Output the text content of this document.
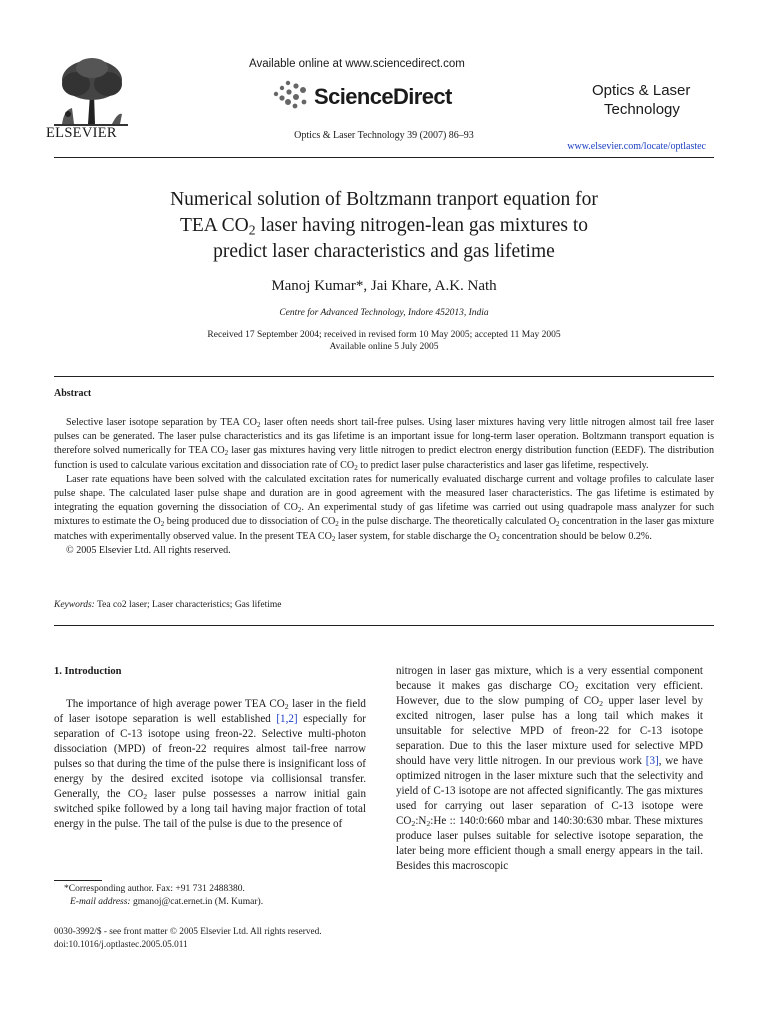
ELSEVIER
Available online at www.sciencedirect.com
ScienceDirect
Optics & Laser Technology 39 (2007) 86–93
Optics & Laser
Technology
www.elsevier.com/locate/optlastec
Numerical solution of Boltzmann tranport equation for
TEA $CO_2$ laser having nitrogen-lean gas mixtures to
predict laser characteristics and gas lifetime
Manoj Kumar*, Jai Khare, A.K. Nath
Centre for Advanced Technology, Indore 452013, India
Received 17 September 2004; received in revised form 10 May 2005; accepted 11 May 2005
Available online 5 July 2005
Abstract

Selective laser isotope separation by TEA $CO_2$ laser often needs short tail-free pulses. Using laser mixtures having very little nitrogen almost tail free laser pulses can be generated. The laser pulse characteristics and its gas lifetime is an important issue for long-term laser operation. Boltzmann transport equation is therefore solved numerically for TEA $CO_2$ laser gas mixtures having very little nitrogen to predict electron energy distribution function (EEDF). The distribution function is used to calculate various excitation and dissociation rate of $CO_2$ to predict laser pulse characteristics and laser gas lifetime, respectively.

Laser rate equations have been solved with the calculated excitation rates for numerically evaluated discharge current and voltage profiles to calculate laser pulse shape. The calculated laser pulse shape and duration are in good agreement with the measured laser characteristics. The gas lifetime is estimated by integrating the equation governing the dissociation of $CO_2$. An experimental study of gas lifetime was carried out using quadrapole mass analyzer for such mixtures to estimate the $O_2$ being produced due to dissociation of $CO_2$ in the pulse discharge. The theoretically calculated $O_2$ concentration in the laser gas mixture matches with experimentally observed value. In the present TEA $CO_2$ laser system, for stable discharge the $O_2$ concentration should be below 0.2%.

© 2005 Elsevier Ltd. All rights reserved.

Keywords: Tea co2 laser; Laser characteristics; Gas lifetime

1. Introduction

The importance of high average power TEA $CO_2$ laser in the field of laser isotope separation is well established [1,2] especially for separation of C-13 isotope using freon-22. Selective multi-photon dissociation (MPD) of freon-22 requires almost tail-free narrow pulses so that during the time of the pulse there is insignificant loss of energy by the desired excited isotope via collisionsal transfer. Generally, the $CO_2$ laser pulse possesses a narrow initial gain switched spike followed by a long tail having major fraction of total energy in the pulse. The tail of the pulse is due to the presence of

nitrogen in laser gas mixture, which is a very essential component because it makes gas discharge $CO_2$ excitation very efficient. However, due to the slow pumping of $CO_2$ upper laser level by excited nitrogen, laser pulse has a long tail which makes it unsuitable for selective MPD of freon-22 for C-13 isotope separation. Due to this the laser mixture used for selective MPD should have very little nitrogen. In our previous work [3], we have optimized nitrogen in the laser mixture such that the selectivity and yield of C-13 isotope are not affected significantly. The gas mixtures used for carrying out laser separation of C-13 isotope were $CO_2:N_2:He$ :: 140:0:660 mbar and 140:30:630 mbar. These mixtures produce laser pulses suitable for selective isotope separation, the later being more efficient though a small energy appears in the tail. Besides this macroscopic

*Corresponding author. Fax: +91 731 2488380.
E-mail address: gmanoj@cat.ernet.in (M. Kumar).
0030-3992/$ - see front matter © 2005 Elsevier Ltd. All rights reserved.
doi:10.1016/j.optlastec.2005.05.011
